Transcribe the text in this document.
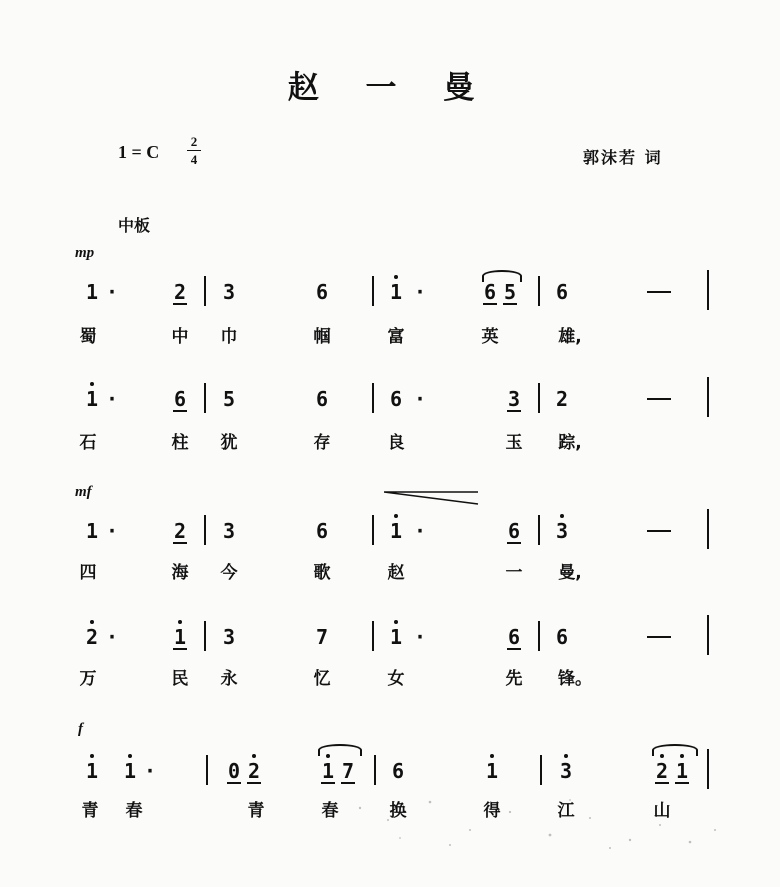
赵 一 曼
1 = C $\frac{2}{4}$	郭沫若 词
中板
mp
mf
f
1 ·	2 3	6	1 ·	6 5 6
蜀	中 巾	帼	富	英	雄,
1 ·	6 5	6	6 ·	3 2
石	柱 犹	存	良	玉 踪,
1 ·	2 3	6	1 ·	6 3
四	海 今	歌	赵	一 曼,
2 ·	1 3	7	1 ·	6 6
万	民 永	忆	女	先 锋。
1 1 ·	0 2	1 7 6	1	3	2 1
青 春	青	春	换	得	江	山
